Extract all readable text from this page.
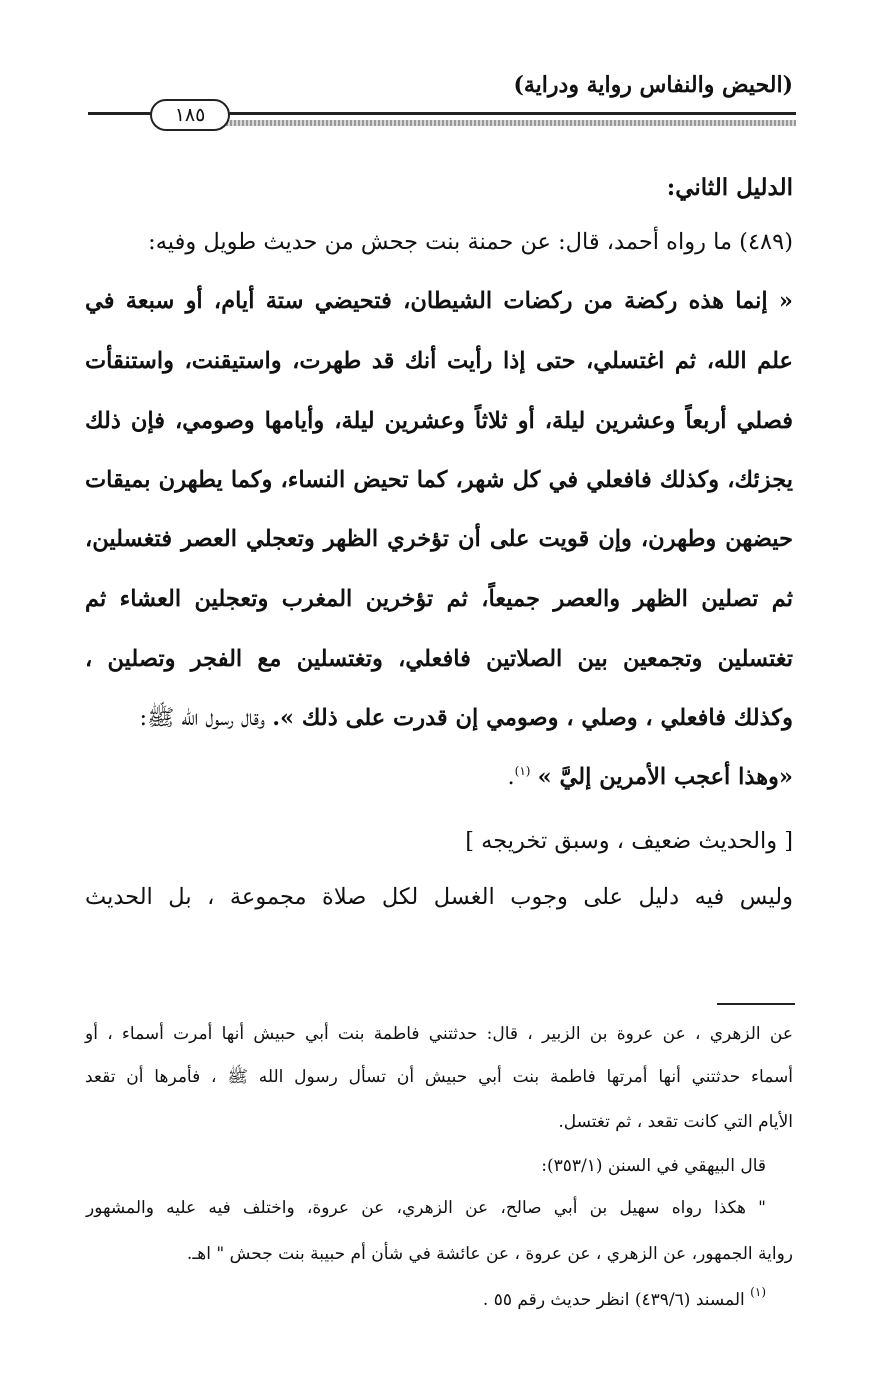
(الحيض والنفاس رواية ودراية)
١٨٥
الدليل الثاني:
(٤٨٩) ما رواه أحمد، قال: عن حمنة بنت جحش من حديث طويل وفيه:
« إنما هذه ركضة من ركضات الشيطان، فتحيضي ستة أيام، أو سبعة في
علم الله، ثم اغتسلي، حتى إذا رأيت أنك قد طهرت، واستيقنت، واستنقأت
فصلي أربعاً وعشرين ليلة، أو ثلاثاً وعشرين ليلة، وأيامها وصومي، فإن ذلك
يجزئك، وكذلك فافعلي في كل شهر، كما تحيض النساء، وكما يطهرن بميقات
حيضهن وطهرن، وإن قويت على أن تؤخري الظهر وتعجلي العصر فتغسلين،
ثم تصلين الظهر والعصر جميعاً، ثم تؤخرين المغرب وتعجلين العشاء ثم
تغتسلين وتجمعين بين الصلاتين فافعلي، وتغتسلين مع الفجر وتصلين ،
وكذلك فافعلي ، وصلي ، وصومي إن قدرت على ذلك ». وقال رسول الله ﷺ:
«وهذا أعجب الأمرين إليَّ » $^{(١)}$.
[ والحديث ضعيف ، وسبق تخريجه ]
وليس فيه دليل على وجوب الغسل لكل صلاة مجموعة ، بل الحديث
عن الزهري ، عن عروة بن الزبير ، قال: حدثتني فاطمة بنت أبي حبيش أنها أمرت أسماء ، أو
أسماء حدثتني أنها أمرتها فاطمة بنت أبي حبيش أن تسأل رسول الله ﷺ ، فأمرها أن تقعد
الأيام التي كانت تقعد ، ثم تغتسل.
قال البيهقي في السنن (٣٥٣/١):
" هكذا رواه سهيل بن أبي صالح، عن الزهري، عن عروة، واختلف فيه عليه والمشهور
رواية الجمهور، عن الزهري ، عن عروة ، عن عائشة في شأن أم حبيبة بنت جحش " اهـ.
$^{(١)}$ المسند (٤٣٩/٦) انظر حديث رقم ٥٥ .
